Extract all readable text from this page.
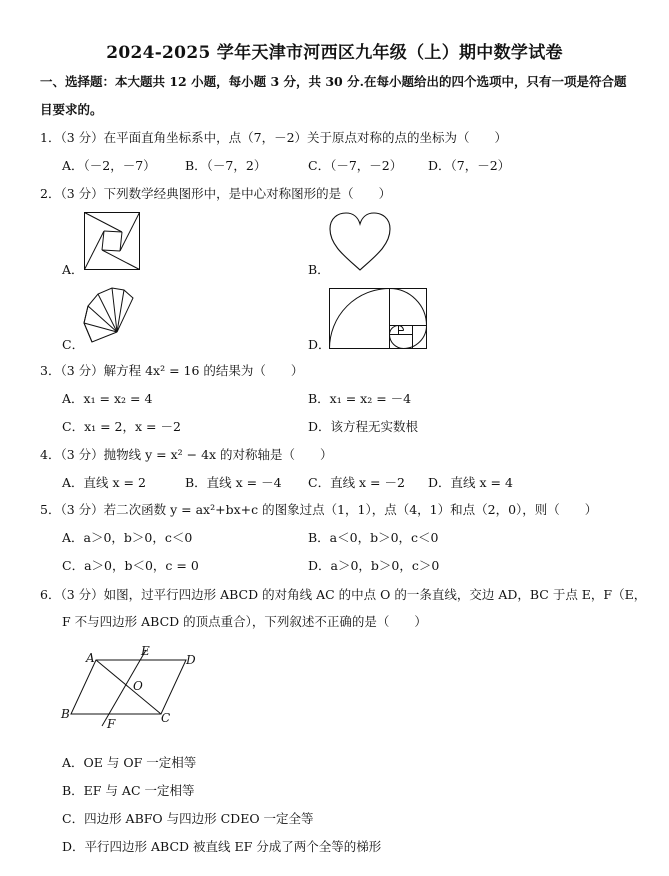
2024-2025 学年天津市河西区九年级（上）期中数学试卷
一、选择题：本大题共 12 小题，每小题 3 分，共 30 分.在每小题给出的四个选项中，只有一项是符合题
目要求的。
1．（3 分）在平面直角坐标系中，点（7，－2）关于原点对称的点的坐标为（　　）
A．（－2，－7） B．（－7，2）	C．（－7，－2） D．（7，－2）
2．（3 分）下列数学经典图形中，是中心对称图形的是（　　）
A．	B．
C．	D．
3．（3 分）解方程 4x² = 16 的结果为（　　）
A．x₁ = x₂ = 4	B．x₁ = x₂ = －4
C．x₁ = 2，x = －2	D．该方程无实数根
4．（3 分）抛物线 y = x² − 4x 的对称轴是（　　）
A．直线 x = 2	B．直线 x = －4 C．直线 x = －2 D．直线 x = 4
5．（3 分）若二次函数 y = ax²+bx+c 的图象过点（1，1），点（4，1）和点（2，0），则（　　）
A．a＞0，b＞0，c＜0	B．a＜0，b＞0，c＜0
C．a＞0，b＜0，c = 0	D．a＞0，b＞0，c＞0
6．（3 分）如图，过平行四边形 ABCD 的对角线 AC 的中点 O 的一条直线，交边 AD，BC 于点 E，F（E，
F 不与四边形 ABCD 的顶点重合），下列叙述不正确的是（　　）
A	D
B	C
E
F
O
A．OE 与 OF 一定相等
B．EF 与 AC 一定相等
C．四边形 ABFO 与四边形 CDEO 一定全等
D．平行四边形 ABCD 被直线 EF 分成了两个全等的梯形
